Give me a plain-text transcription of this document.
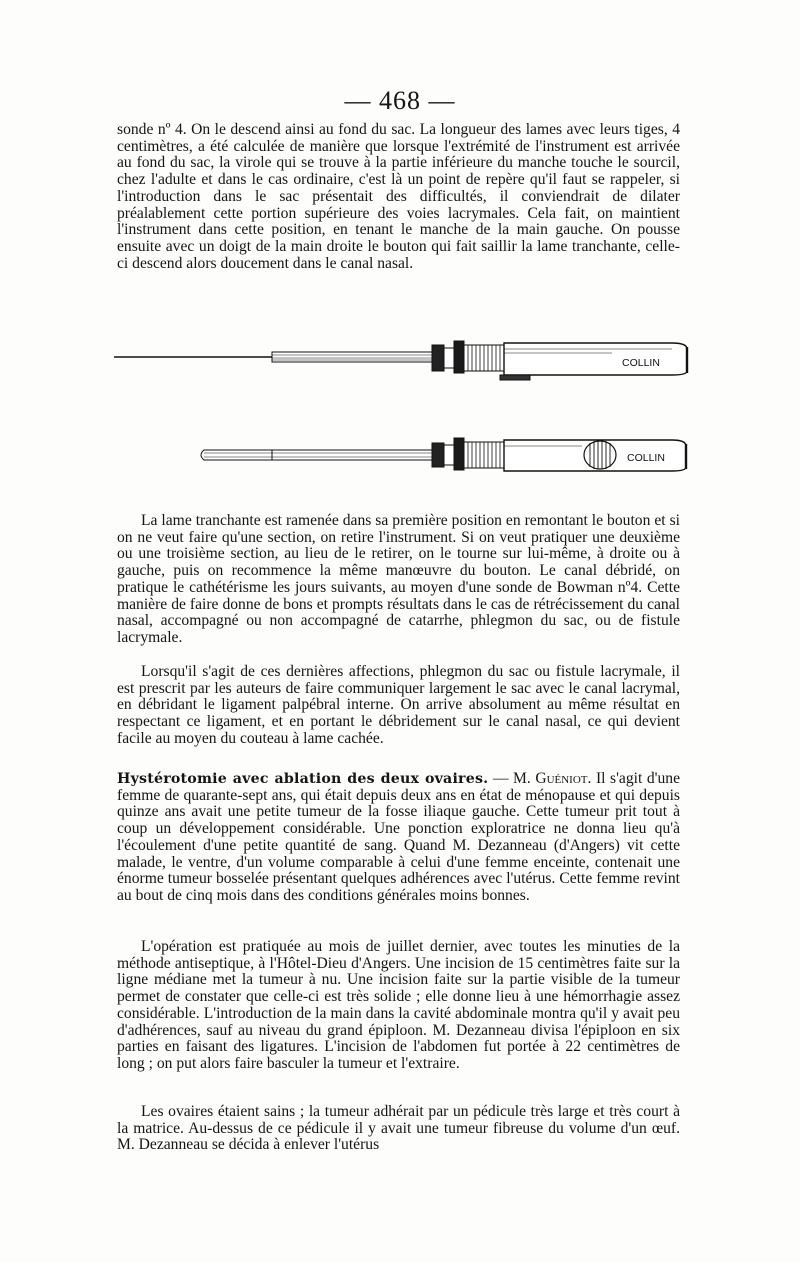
— 468 —

sonde nº 4. On le descend ainsi au fond du sac. La longueur des lames avec leurs tiges, 4 centimètres, a été calculée de manière que lorsque l'extrémité de l'instrument est arrivée au fond du sac, la virole qui se trouve à la partie inférieure du manche touche le sourcil, chez l'adulte et dans le cas ordinaire, c'est là un point de repère qu'il faut se rappeler, si l'introduction dans le sac présentait des difficultés, il conviendrait de dilater préalablement cette portion supérieure des voies lacrymales. Cela fait, on maintient l'instrument dans cette position, en tenant le manche de la main gauche. On pousse ensuite avec un doigt de la main droite le bouton qui fait saillir la lame tranchante, celle-ci descend alors doucement dans le canal nasal.

COLLIN
COLLIN

La lame tranchante est ramenée dans sa première position en remontant le bouton et si on ne veut faire qu'une section, on retire l'instrument. Si on veut pratiquer une deuxième ou une troisième section, au lieu de le retirer, on le tourne sur lui-même, à droite ou à gauche, puis on recommence la même manœuvre du bouton. Le canal débridé, on pratique le cathétérisme les jours suivants, au moyen d'une sonde de Bowman nº4. Cette manière de faire donne de bons et prompts résultats dans le cas de rétrécissement du canal nasal, accompagné ou non accompagné de catarrhe, phlegmon du sac, ou de fistule lacrymale.

Lorsqu'il s'agit de ces dernières affections, phlegmon du sac ou fistule lacrymale, il est prescrit par les auteurs de faire communiquer largement le sac avec le canal lacrymal, en débridant le ligament palpébral interne. On arrive absolument au même résultat en respectant ce ligament, et en portant le débridement sur le canal nasal, ce qui devient facile au moyen du couteau à lame cachée.

Hystérotomie avec ablation des deux ovaires. — M. Guéniot. Il s'agit d'une femme de quarante-sept ans, qui était depuis deux ans en état de ménopause et qui depuis quinze ans avait une petite tumeur de la fosse iliaque gauche. Cette tumeur prit tout à coup un développement considérable. Une ponction exploratrice ne donna lieu qu'à l'écoulement d'une petite quantité de sang. Quand M. Dezanneau (d'Angers) vit cette malade, le ventre, d'un volume comparable à celui d'une femme enceinte, contenait une énorme tumeur bosselée présentant quelques adhérences avec l'utérus. Cette femme revint au bout de cinq mois dans des conditions générales moins bonnes.

L'opération est pratiquée au mois de juillet dernier, avec toutes les minuties de la méthode antiseptique, à l'Hôtel-Dieu d'Angers. Une incision de 15 centimètres faite sur la ligne médiane met la tumeur à nu. Une incision faite sur la partie visible de la tumeur permet de constater que celle-ci est très solide ; elle donne lieu à une hémorrhagie assez considérable. L'introduction de la main dans la cavité abdominale montra qu'il y avait peu d'adhérences, sauf au niveau du grand épiploon. M. Dezanneau divisa l'épiploon en six parties en faisant des ligatures. L'incision de l'abdomen fut portée à 22 centimètres de long ; on put alors faire basculer la tumeur et l'extraire.

Les ovaires étaient sains ; la tumeur adhérait par un pédicule très large et très court à la matrice. Au-dessus de ce pédicule il y avait une tumeur fibreuse du volume d'un œuf. M. Dezanneau se décida à enlever l'utérus
